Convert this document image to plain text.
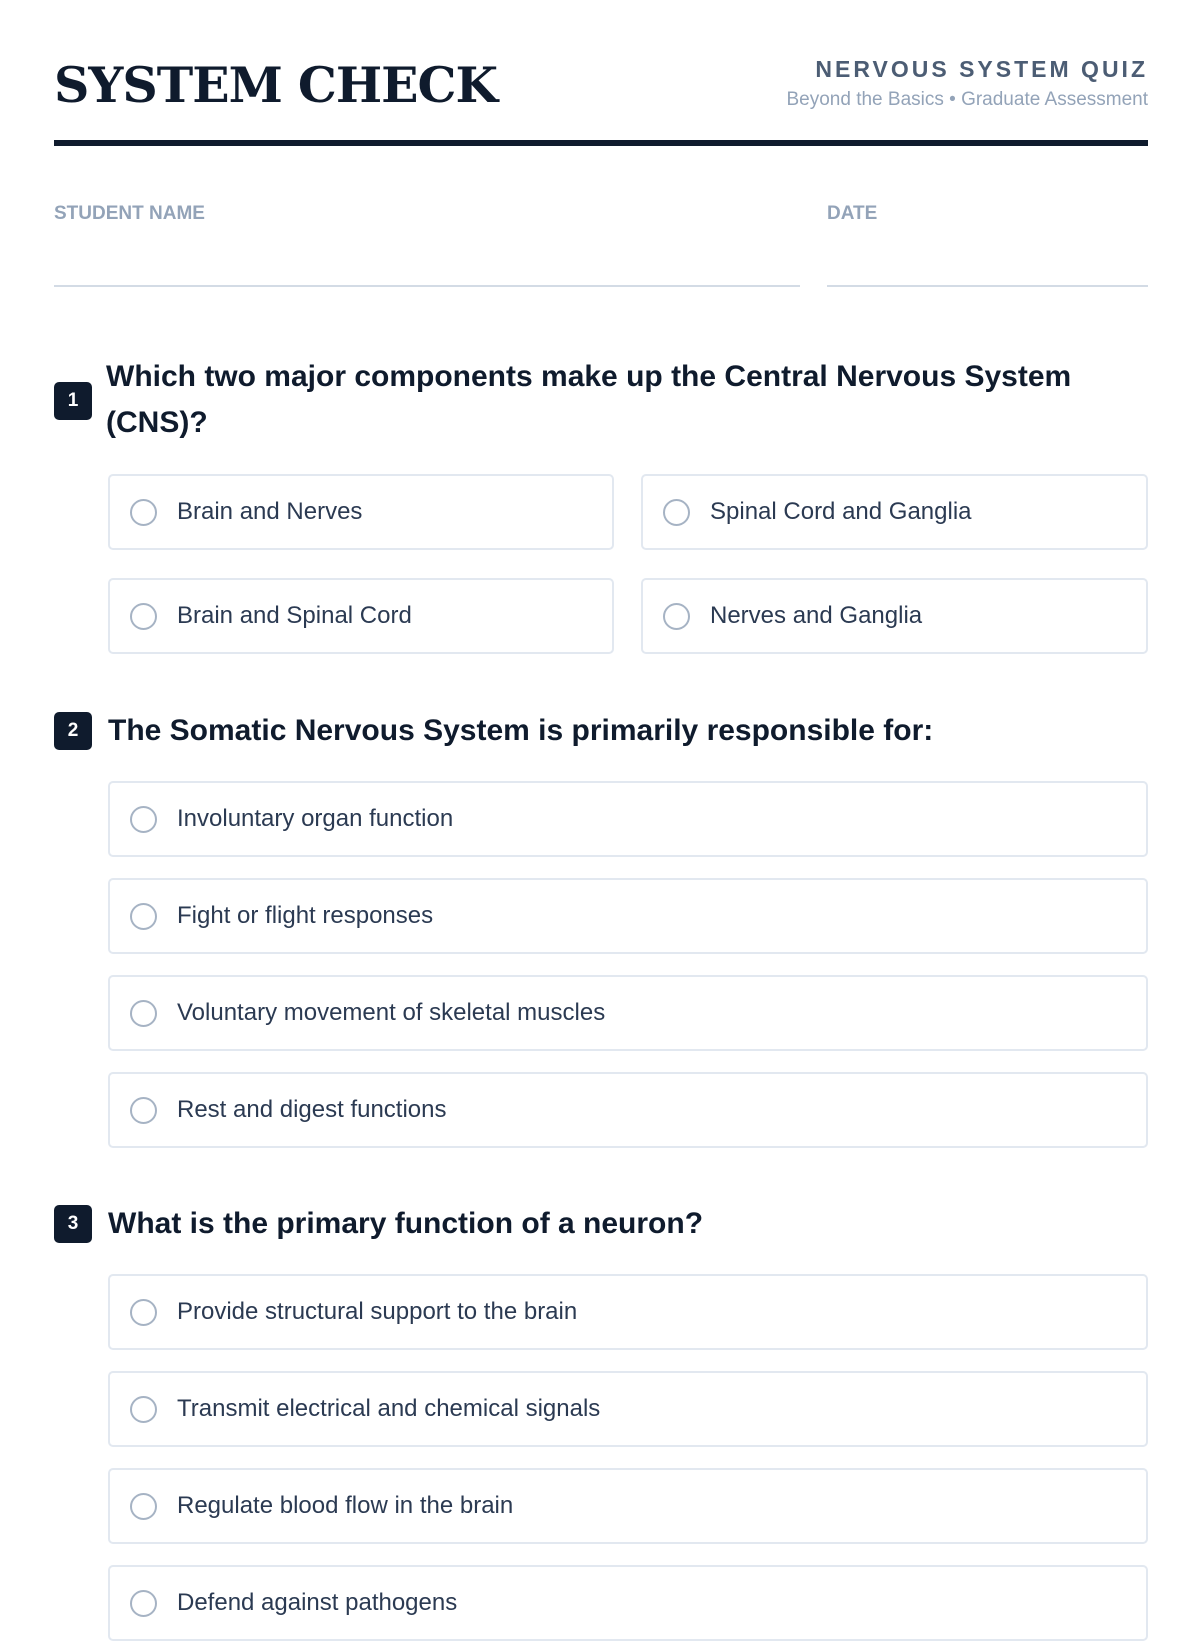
SYSTEM CHECK	NERVOUS SYSTEM QUIZ
Beyond the Basics • Graduate Assessment
STUDENT NAME	DATE
1
Which two major components make up the Central Nervous System
(CNS)?
Brain and Nerves	Spinal Cord and Ganglia
Brain and Spinal Cord	Nerves and Ganglia
2 The Somatic Nervous System is primarily responsible for:
Involuntary organ function
Fight or flight responses
Voluntary movement of skeletal muscles
Rest and digest functions
3 What is the primary function of a neuron?
Provide structural support to the brain
Transmit electrical and chemical signals
Regulate blood flow in the brain
Defend against pathogens
